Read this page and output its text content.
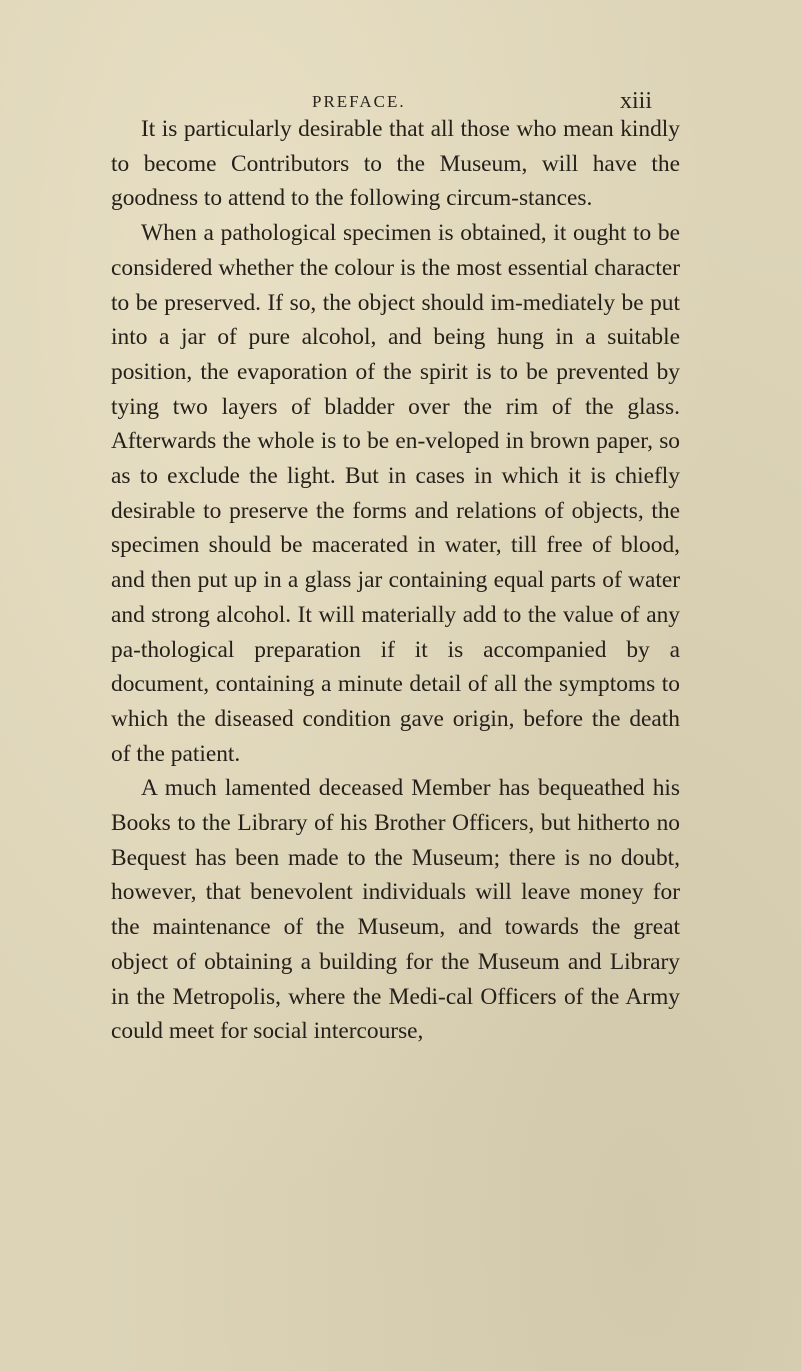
PREFACE.	xiii

It is particularly desirable that all those who mean kindly to become Contributors to the Museum, will have the goodness to attend to the following circum-stances.

When a pathological specimen is obtained, it ought to be considered whether the colour is the most essential character to be preserved. If so, the object should im-mediately be put into a jar of pure alcohol, and being hung in a suitable position, the evaporation of the spirit is to be prevented by tying two layers of bladder over the rim of the glass. Afterwards the whole is to be en-veloped in brown paper, so as to exclude the light. But in cases in which it is chiefly desirable to preserve the forms and relations of objects, the specimen should be macerated in water, till free of blood, and then put up in a glass jar containing equal parts of water and strong alcohol. It will materially add to the value of any pa-thological preparation if it is accompanied by a document, containing a minute detail of all the symptoms to which the diseased condition gave origin, before the death of the patient.

A much lamented deceased Member has bequeathed his Books to the Library of his Brother Officers, but hitherto no Bequest has been made to the Museum; there is no doubt, however, that benevolent individuals will leave money for the maintenance of the Museum, and towards the great object of obtaining a building for the Museum and Library in the Metropolis, where the Medi-cal Officers of the Army could meet for social intercourse,
